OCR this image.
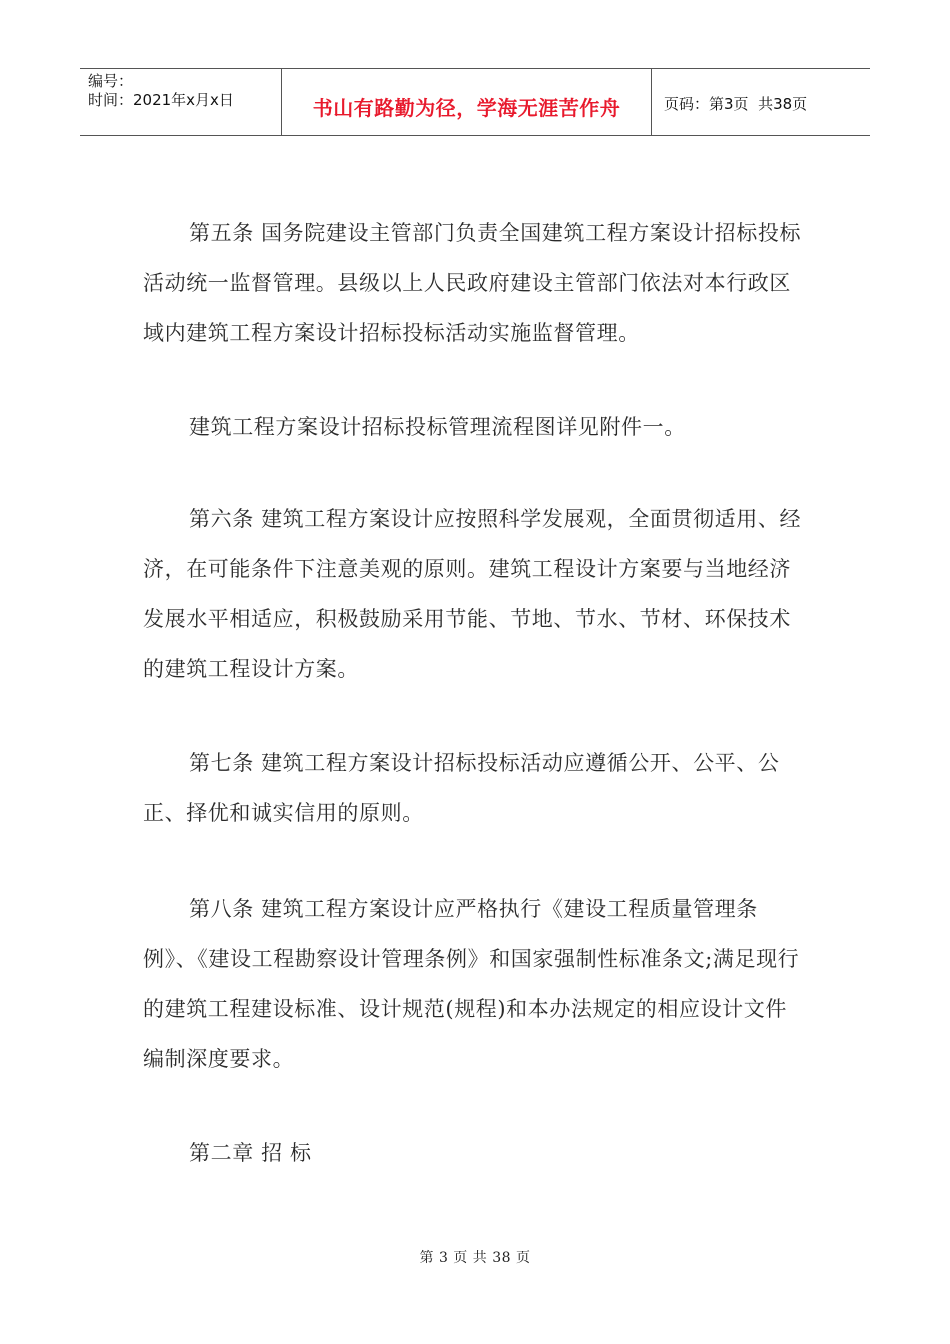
编号：
时间：2021年x月x日	书山有路勤为径，学海无涯苦作舟	页码：第3页  共38页

第五条 国务院建设主管部门负责全国建筑工程方案设计招标投标活动统一监督管理。县级以上人民政府建设主管部门依法对本行政区域内建筑工程方案设计招标投标活动实施监督管理。

建筑工程方案设计招标投标管理流程图详见附件一。

第六条 建筑工程方案设计应按照科学发展观，全面贯彻适用、经济，在可能条件下注意美观的原则。建筑工程设计方案要与当地经济发展水平相适应，积极鼓励采用节能、节地、节水、节材、环保技术的建筑工程设计方案。

第七条 建筑工程方案设计招标投标活动应遵循公开、公平、公正、择优和诚实信用的原则。

第八条 建筑工程方案设计应严格执行《建设工程质量管理条例》、《建设工程勘察设计管理条例》和国家强制性标准条文;满足现行的建筑工程建设标准、设计规范(规程)和本办法规定的相应设计文件编制深度要求。

第二章 招 标

第 3 页 共 38 页
